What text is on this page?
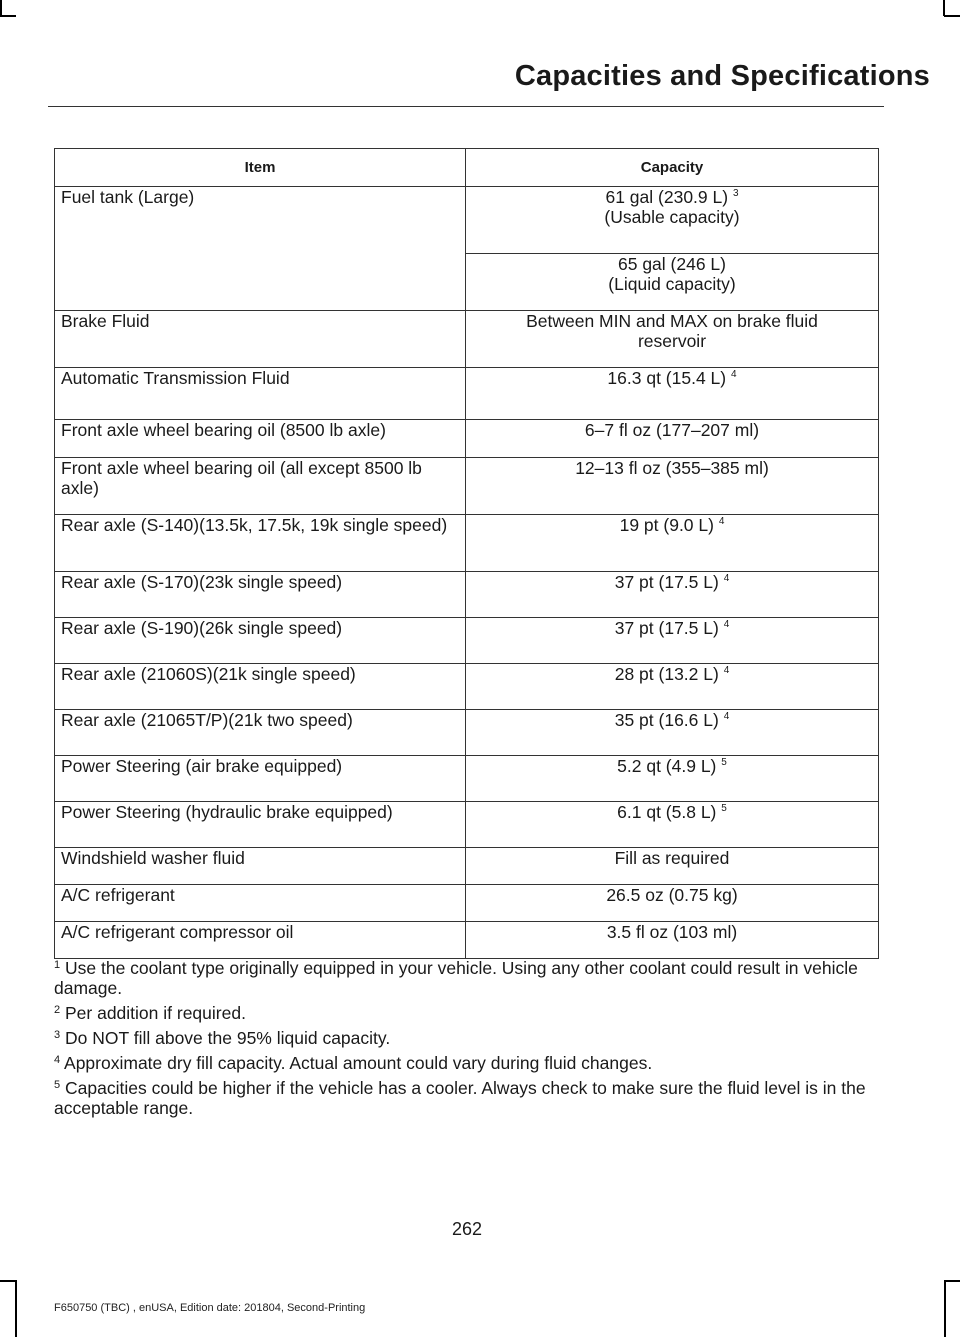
Capacities and Specifications
Item	Capacity
Fuel tank (Large)	61 gal (230.9 L) $^3$
(Usable capacity)
	65 gal (246 L)
(Liquid capacity)
Brake Fluid	Between MIN and MAX on brake fluid
reservoir
Automatic Transmission Fluid	16.3 qt (15.4 L) $^4$
Front axle wheel bearing oil (8500 lb axle)	6–7 fl oz (177–207 ml)
Front axle wheel bearing oil (all except 8500 lb axle)	12–13 fl oz (355–385 ml)
Rear axle (S-140)(13.5k, 17.5k, 19k single speed)	19 pt (9.0 L) $^4$
Rear axle (S-170)(23k single speed)	37 pt (17.5 L) $^4$
Rear axle (S-190)(26k single speed)	37 pt (17.5 L) $^4$
Rear axle (21060S)(21k single speed)	28 pt (13.2 L) $^4$
Rear axle (21065T/P)(21k two speed)	35 pt (16.6 L) $^4$
Power Steering (air brake equipped)	5.2 qt (4.9 L) $^5$
Power Steering (hydraulic brake equipped)	6.1 qt (5.8 L) $^5$
Windshield washer fluid	Fill as required
A/C refrigerant	26.5 oz (0.75 kg)
A/C refrigerant compressor oil	3.5 fl oz (103 ml)

$^1$ Use the coolant type originally equipped in your vehicle. Using any other coolant could result in vehicle damage.

$^2$ Per addition if required.

$^3$ Do NOT fill above the 95% liquid capacity.

$^4$ Approximate dry fill capacity. Actual amount could vary during fluid changes.

$^5$ Capacities could be higher if the vehicle has a cooler. Always check to make sure the fluid level is in the acceptable range.

262
F650750 (TBC) , enUSA, Edition date: 201804, Second-Printing
